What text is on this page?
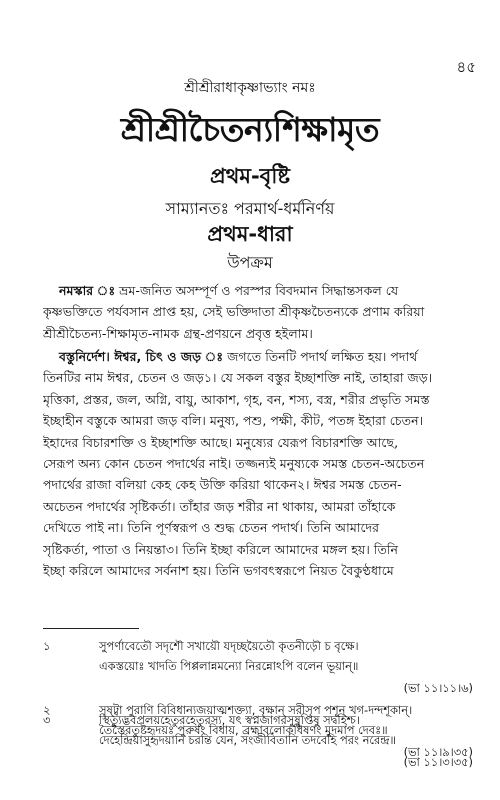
৪৫
শ্রীশ্রীরাধাকৃষ্ণাভ্যাং নমঃ
শ্রীশ্রীচৈতন্যশিক্ষামৃত
প্রথম-বৃষ্টি
সাম্যানতঃ পরমার্থ-ধর্মনির্ণয়
প্রথম-ধারা
উপক্রম
নমস্কার ঃ ভ্রম-জনিত অসম্পূর্ণ ও পরস্পর বিবদমান সিদ্ধান্তসকল যে
কৃষ্ণভক্তিতে পর্যবসান প্রাপ্ত হয়, সেই ভক্তিদাতা শ্রীকৃষ্ণচৈতন্যকে প্রণাম করিয়া
শ্রীশ্রীচৈতন্য-শিক্ষামৃত-নামক গ্রন্থ-প্রণয়নে প্রবৃত্ত হইলাম।
বস্তুনির্দেশ। ঈশ্বর, চিৎ ও জড় ঃ জগতে তিনটি পদার্থ লক্ষিত হয়। পদার্থ
তিনটির নাম ঈশ্বর, চেতন ও জড়১। যে সকল বস্তুর ইচ্ছাশক্তি নাই, তাহারা জড়।
মৃত্তিকা, প্রস্তর, জল, অগ্নি, বায়ু, আকাশ, গৃহ, বন, শস্য, বস্ত্র, শরীর প্রভৃতি সমস্ত
ইচ্ছাহীন বস্তুকে আমরা জড় বলি। মনুষ্য, পশু, পক্ষী, কীট, পতঙ্গ ইহারা চেতন।
ইহাদের বিচারশক্তি ও ইচ্ছাশক্তি আছে। মনুষ্যের যেরূপ বিচারশক্তি আছে,
সেরূপ অন্য কোন চেতন পদার্থের নাই। তজ্জন্যই মনুষ্যকে সমস্ত চেতন-অচেতন
পদার্থের রাজা বলিয়া কেহ কেহ উক্তি করিয়া থাকেন২। ঈশ্বর সমস্ত চেতন-
অচেতন পদার্থের সৃষ্টিকর্তা। তাঁহার জড় শরীর না থাকায়, আমরা তাঁহাকে
দেখিতে পাই না। তিনি পূর্ণস্বরূপ ও শুদ্ধ চেতন পদার্থ। তিনি আমাদের
সৃষ্টিকর্তা, পাতা ও নিয়ন্তা৩। তিনি ইচ্ছা করিলে আমাদের মঙ্গল হয়। তিনি
ইচ্ছা করিলে আমাদের সর্বনাশ হয়। তিনি ভগবৎস্বরূপে নিয়ত বৈকুণ্ঠধামে
১	সুপর্ণাবেতৌ সদৃশৌ সখায়ৌ যদৃচ্ছয়ৈতৌ কৃতনীড়ৌ চ বৃক্ষে।
একস্তয়োঃ খাদতি পিপ্পলান্নমন্যো নিরন্নোঽপি বলেন ভূয়ান্‌॥
(ভা ১১।১১।৬)
২	সৃষ্ট্বা পুরাণি বিবিধান্যজয়াত্মশক্ত্যা, বৃক্ষান্‌ সরীসৃপ পশূন্‌ খগ-দন্দশূকান্‌।
তৈস্তৈরতুষ্টহৃদয়ঃ পুরুষং বিধায়, ব্রহ্মাবলোকধিষণং মুদমাপ দেবঃ॥
(ভা ১১।৯।৩৫)
৩	স্থিত্যুদ্ভবপ্রলয়হেতুরহেতুরস্য, যৎ স্বপ্নজাগরসুষুপ্তিষু সদ্বহিশ্চ।
দেহেন্দ্রিয়াসুহৃদয়ানি চরন্তি যেন, সংজীবিতানি তদবেহি পরং নরেন্দ্র॥
(ভা ১১।৩।৩৫)
